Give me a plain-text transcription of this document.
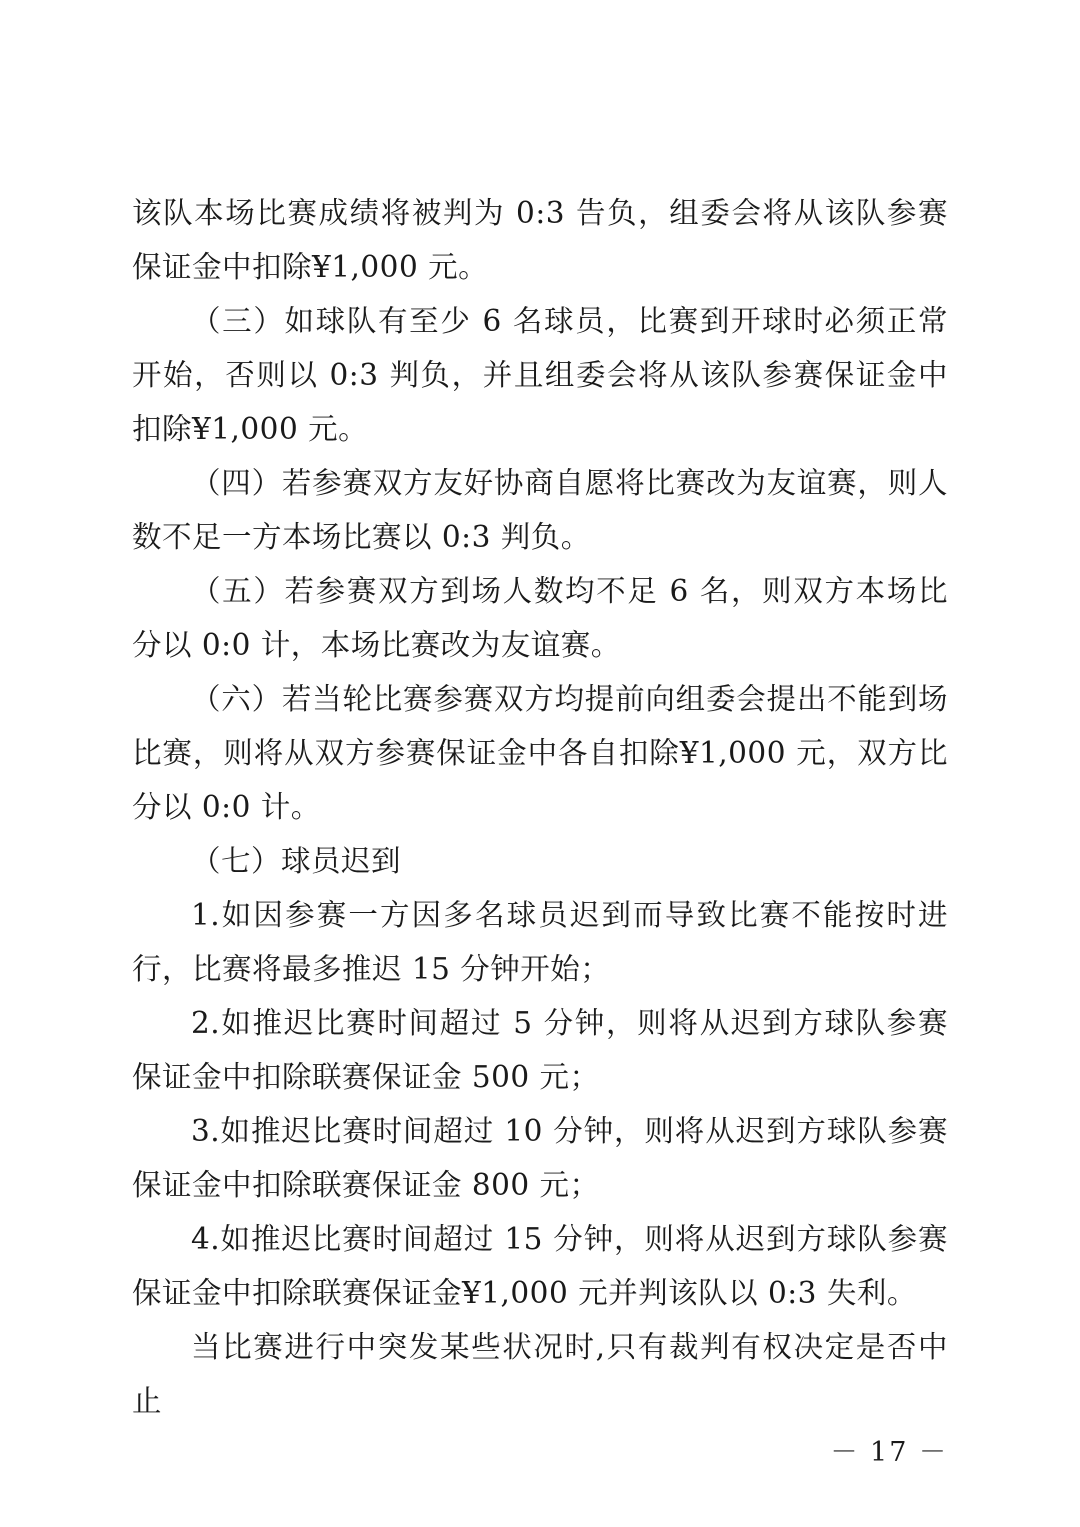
该队本场比赛成绩将被判为 0:3 告负，组委会将从该队参赛保证金中扣除¥1,000 元。

（三）如球队有至少 6 名球员，比赛到开球时必须正常开始，否则以 0:3 判负，并且组委会将从该队参赛保证金中扣除¥1,000 元。

（四）若参赛双方友好协商自愿将比赛改为友谊赛，则人数不足一方本场比赛以 0:3 判负。

（五）若参赛双方到场人数均不足 6 名，则双方本场比分以 0:0 计，本场比赛改为友谊赛。

（六）若当轮比赛参赛双方均提前向组委会提出不能到场比赛，则将从双方参赛保证金中各自扣除¥1,000 元，双方比分以 0:0 计。

（七）球员迟到

1.如因参赛一方因多名球员迟到而导致比赛不能按时进行，比赛将最多推迟 15 分钟开始；

2.如推迟比赛时间超过 5 分钟，则将从迟到方球队参赛保证金中扣除联赛保证金 500 元；

3.如推迟比赛时间超过 10 分钟，则将从迟到方球队参赛保证金中扣除联赛保证金 800 元；

4.如推迟比赛时间超过 15 分钟，则将从迟到方球队参赛保证金中扣除联赛保证金¥1,000 元并判该队以 0:3 失利。

当比赛进行中突发某些状况时,只有裁判有权决定是否中止

－ 17 －
